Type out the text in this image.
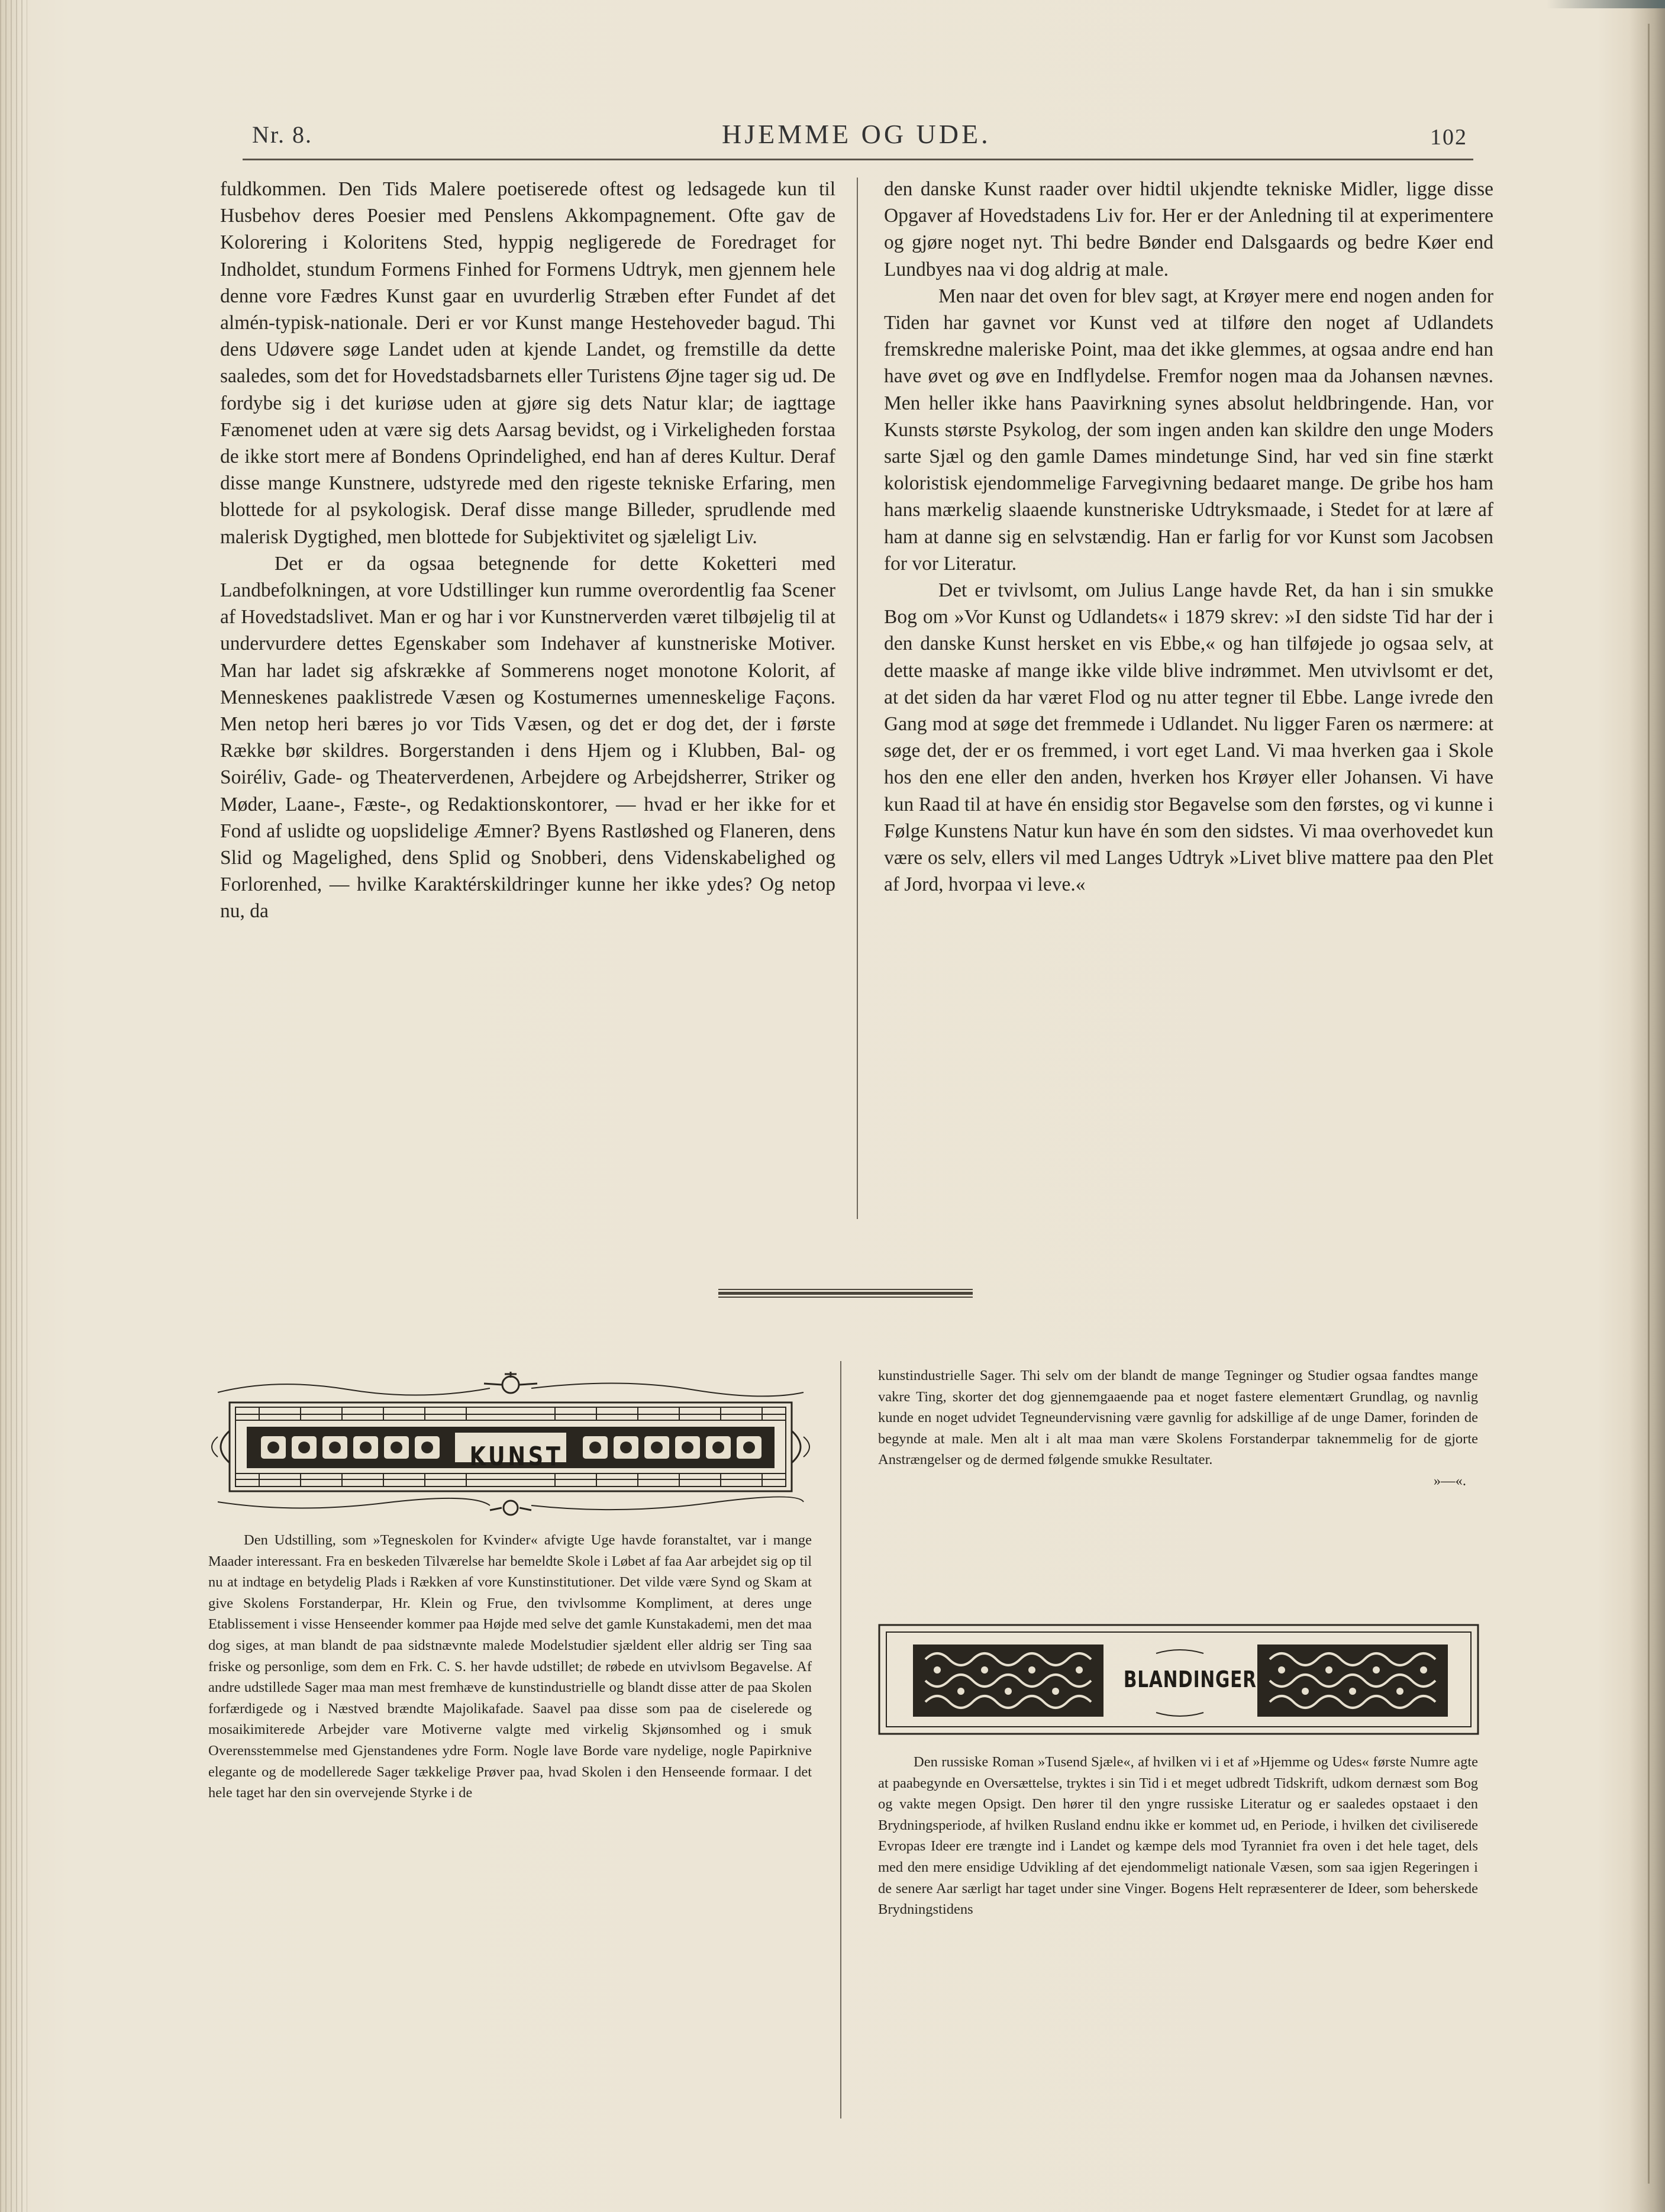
Nr. 8.	HJEMME OG UDE.	102

fuldkommen. Den Tids Malere poetiserede oftest og ledsagede kun til Husbehov deres Poesier med Penslens Akkompagnement. Ofte gav de Kolorering i Koloritens Sted, hyppig negligerede de Foredraget for Indholdet, stundum Formens Finhed for Formens Udtryk, men gjennem hele denne vore Fædres Kunst gaar en uvurderlig Stræben efter Fundet af det almén-typisk-nationale. Deri er vor Kunst mange Hestehoveder bagud. Thi dens Udøvere søge Landet uden at kjende Landet, og fremstille da dette saaledes, som det for Hovedstadsbarnets eller Turistens Øjne tager sig ud. De fordybe sig i det kuriøse uden at gjøre sig dets Natur klar; de iagttage Fænomenet uden at være sig dets Aarsag bevidst, og i Virkeligheden forstaa de ikke stort mere af Bondens Oprindelighed, end han af deres Kultur. Deraf disse mange Kunstnere, udstyrede med den rigeste tekniske Erfaring, men blottede for al psykologisk. Deraf disse mange Billeder, sprudlende med malerisk Dygtighed, men blottede for Subjektivitet og sjæleligt Liv.

Det er da ogsaa betegnende for dette Koketteri med Landbefolkningen, at vore Udstillinger kun rumme overordentlig faa Scener af Hovedstadslivet. Man er og har i vor Kunstnerverden været tilbøjelig til at undervurdere dettes Egenskaber som Indehaver af kunstneriske Motiver. Man har ladet sig afskrække af Sommerens noget monotone Kolorit, af Menneskenes paaklistrede Væsen og Kostumernes umenneskelige Façons. Men netop heri bæres jo vor Tids Væsen, og det er dog det, der i første Række bør skildres. Borgerstanden i dens Hjem og i Klubben, Bal- og Soiréliv, Gade- og Theaterverdenen, Arbejdere og Arbejdsherrer, Striker og Møder, Laane-, Fæste-, og Redaktionskontorer, — hvad er her ikke for et Fond af uslidte og uopslidelige Æmner? Byens Rastløshed og Flaneren, dens Slid og Magelighed, dens Splid og Snobberi, dens Videnskabelighed og Forlorenhed, — hvilke Karaktérskildringer kunne her ikke ydes? Og netop nu, da

den danske Kunst raader over hidtil ukjendte tekniske Midler, ligge disse Opgaver af Hovedstadens Liv for. Her er der Anledning til at experimentere og gjøre noget nyt. Thi bedre Bønder end Dalsgaards og bedre Køer end Lundbyes naa vi dog aldrig at male.

Men naar det oven for blev sagt, at Krøyer mere end nogen anden for Tiden har gavnet vor Kunst ved at tilføre den noget af Udlandets fremskredne maleriske Point, maa det ikke glemmes, at ogsaa andre end han have øvet og øve en Indflydelse. Fremfor nogen maa da Johansen nævnes. Men heller ikke hans Paavirkning synes absolut heldbringende. Han, vor Kunsts største Psykolog, der som ingen anden kan skildre den unge Moders sarte Sjæl og den gamle Dames mindetunge Sind, har ved sin fine stærkt koloristisk ejendommelige Farvegivning bedaaret mange. De gribe hos ham hans mærkelig slaaende kunstneriske Udtryksmaade, i Stedet for at lære af ham at danne sig en selvstændig. Han er farlig for vor Kunst som Jacobsen for vor Literatur.

Det er tvivlsomt, om Julius Lange havde Ret, da han i sin smukke Bog om »Vor Kunst og Udlandets« i 1879 skrev: »I den sidste Tid har der i den danske Kunst hersket en vis Ebbe,« og han tilføjede jo ogsaa selv, at dette maaske af mange ikke vilde blive indrømmet. Men utvivlsomt er det, at det siden da har været Flod og nu atter tegner til Ebbe. Lange ivrede den Gang mod at søge det fremmede i Udlandet. Nu ligger Faren os nærmere: at søge det, der er os fremmed, i vort eget Land. Vi maa hverken gaa i Skole hos den ene eller den anden, hverken hos Krøyer eller Johansen. Vi have kun Raad til at have én ensidig stor Begavelse som den førstes, og vi kunne i Følge Kunstens Natur kun have én som den sidstes. Vi maa overhovedet kun være os selv, ellers vil med Langes Udtryk »Livet blive mattere paa den Plet af Jord, hvorpaa vi leve.«

KUNST

Den Udstilling, som »Tegneskolen for Kvinder« afvigte Uge havde foranstaltet, var i mange Maader interessant. Fra en beskeden Tilværelse har bemeldte Skole i Løbet af faa Aar arbejdet sig op til nu at indtage en betydelig Plads i Rækken af vore Kunstinstitutioner. Det vilde være Synd og Skam at give Skolens Forstanderpar, Hr. Klein og Frue, den tvivlsomme Kompliment, at deres unge Etablissement i visse Henseender kommer paa Højde med selve det gamle Kunstakademi, men det maa dog siges, at man blandt de paa sidstnævnte malede Modelstudier sjældent eller aldrig ser Ting saa friske og personlige, som dem en Frk. C. S. her havde udstillet; de røbede en utvivlsom Begavelse. Af andre udstillede Sager maa man mest fremhæve de kunstindustrielle og blandt disse atter de paa Skolen forfærdigede og i Næstved brændte Majolikafade. Saavel paa disse som paa de ciselerede og mosaikimiterede Arbejder vare Motiverne valgte med virkelig Skjønsomhed og i smuk Overensstemmelse med Gjenstandenes ydre Form. Nogle lave Borde vare nydelige, nogle Papirknive elegante og de modellerede Sager tækkelige Prøver paa, hvad Skolen i den Henseende formaar. I det hele taget har den sin overvejende Styrke i de

kunstindustrielle Sager. Thi selv om der blandt de mange Tegninger og Studier ogsaa fandtes mange vakre Ting, skorter det dog gjennemgaaende paa et noget fastere elementært Grundlag, og navnlig kunde en noget udvidet Tegneundervisning være gavnlig for adskillige af de unge Damer, forinden de begynde at male. Men alt i alt maa man være Skolens Forstanderpar taknemmelig for de gjorte Anstrængelser og de dermed følgende smukke Resultater.

»—«.
BLANDINGER

Den russiske Roman »Tusend Sjæle«, af hvilken vi i et af »Hjemme og Udes« første Numre agte at paabegynde en Oversættelse, tryktes i sin Tid i et meget udbredt Tidskrift, udkom dernæst som Bog og vakte megen Opsigt. Den hører til den yngre russiske Literatur og er saaledes opstaaet i den Brydningsperiode, af hvilken Rusland endnu ikke er kommet ud, en Periode, i hvilken det civiliserede Evropas Ideer ere trængte ind i Landet og kæmpe dels mod Tyranniet fra oven i det hele taget, dels med den mere ensidige Udvikling af det ejendommeligt nationale Væsen, som saa igjen Regeringen i de senere Aar særligt har taget under sine Vinger. Bogens Helt repræsenterer de Ideer, som beherskede Brydningstidens
